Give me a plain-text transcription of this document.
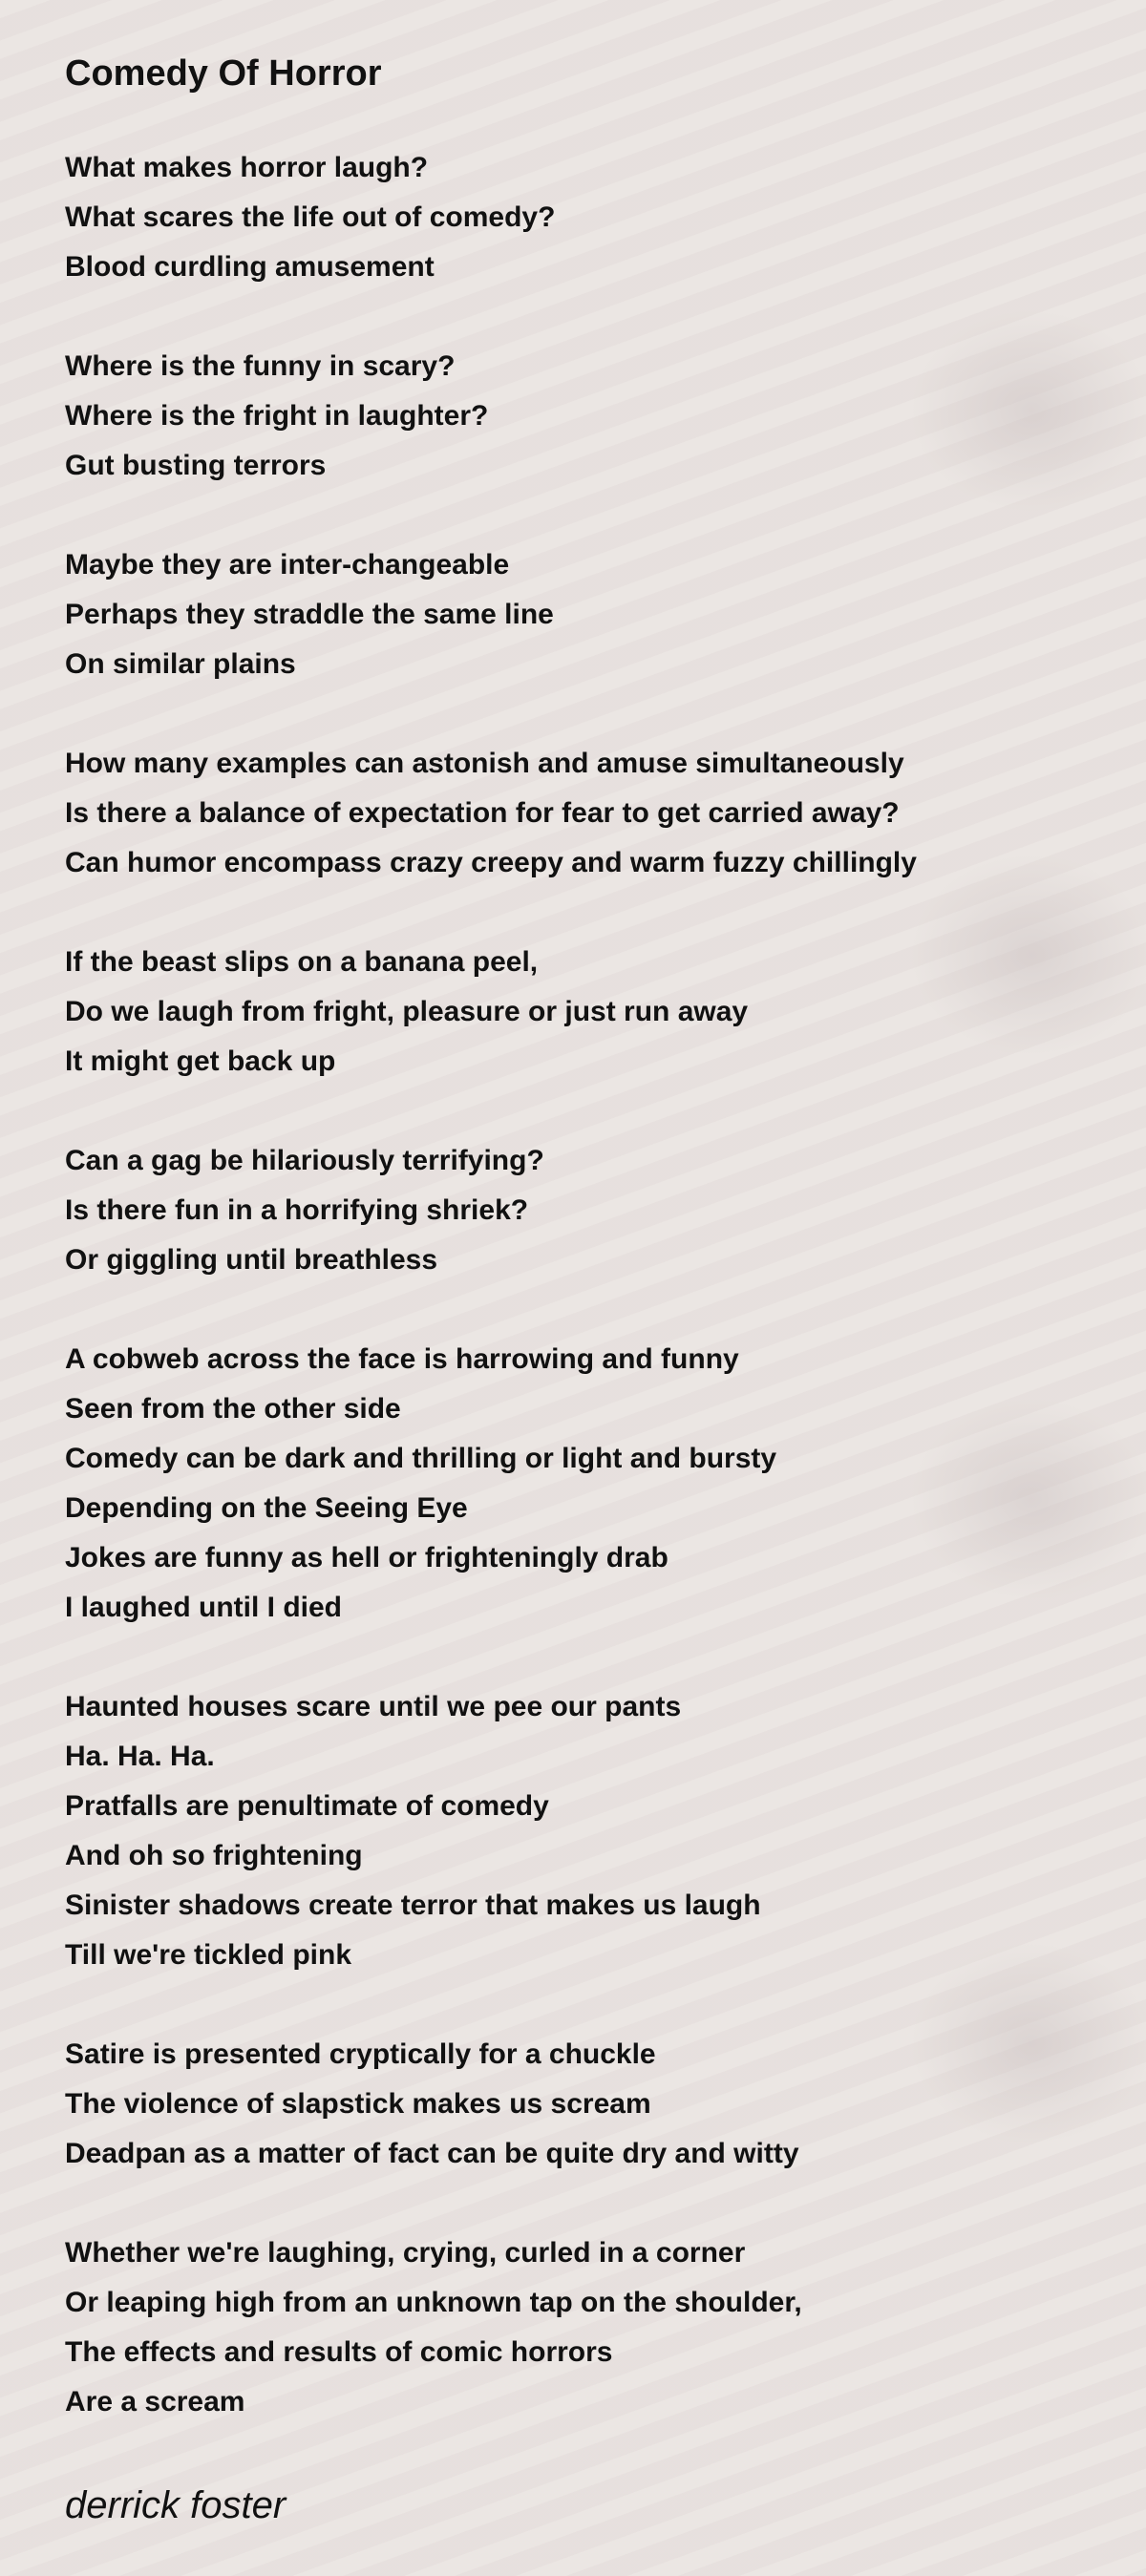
Comedy Of Horror
What makes horror laugh?
What scares the life out of comedy?
Blood curdling amusement
Where is the funny in scary?
Where is the fright in laughter?
Gut busting terrors
Maybe they are inter-changeable
Perhaps they straddle the same line
On similar plains
How many examples can astonish and amuse simultaneously
Is there a balance of expectation for fear to get carried away?
Can humor encompass crazy creepy and warm fuzzy chillingly
If the beast slips on a banana peel,
Do we laugh from fright, pleasure or just run away
It might get back up
Can a gag be hilariously terrifying?
Is there fun in a horrifying shriek?
Or giggling until breathless
A cobweb across the face is harrowing and funny
Seen from the other side
Comedy can be dark and thrilling or light and bursty
Depending on the Seeing Eye
Jokes are funny as hell or frighteningly drab
I laughed until I died
Haunted houses scare until we pee our pants
Ha. Ha. Ha.
Pratfalls are penultimate of comedy
And oh so frightening
Sinister shadows create terror that makes us laugh
Till we're tickled pink
Satire is presented cryptically for a chuckle
The violence of slapstick makes us scream
Deadpan as a matter of fact can be quite dry and witty
Whether we're laughing, crying, curled in a corner
Or leaping high from an unknown tap on the shoulder,
The effects and results of comic horrors
Are a scream
derrick foster
